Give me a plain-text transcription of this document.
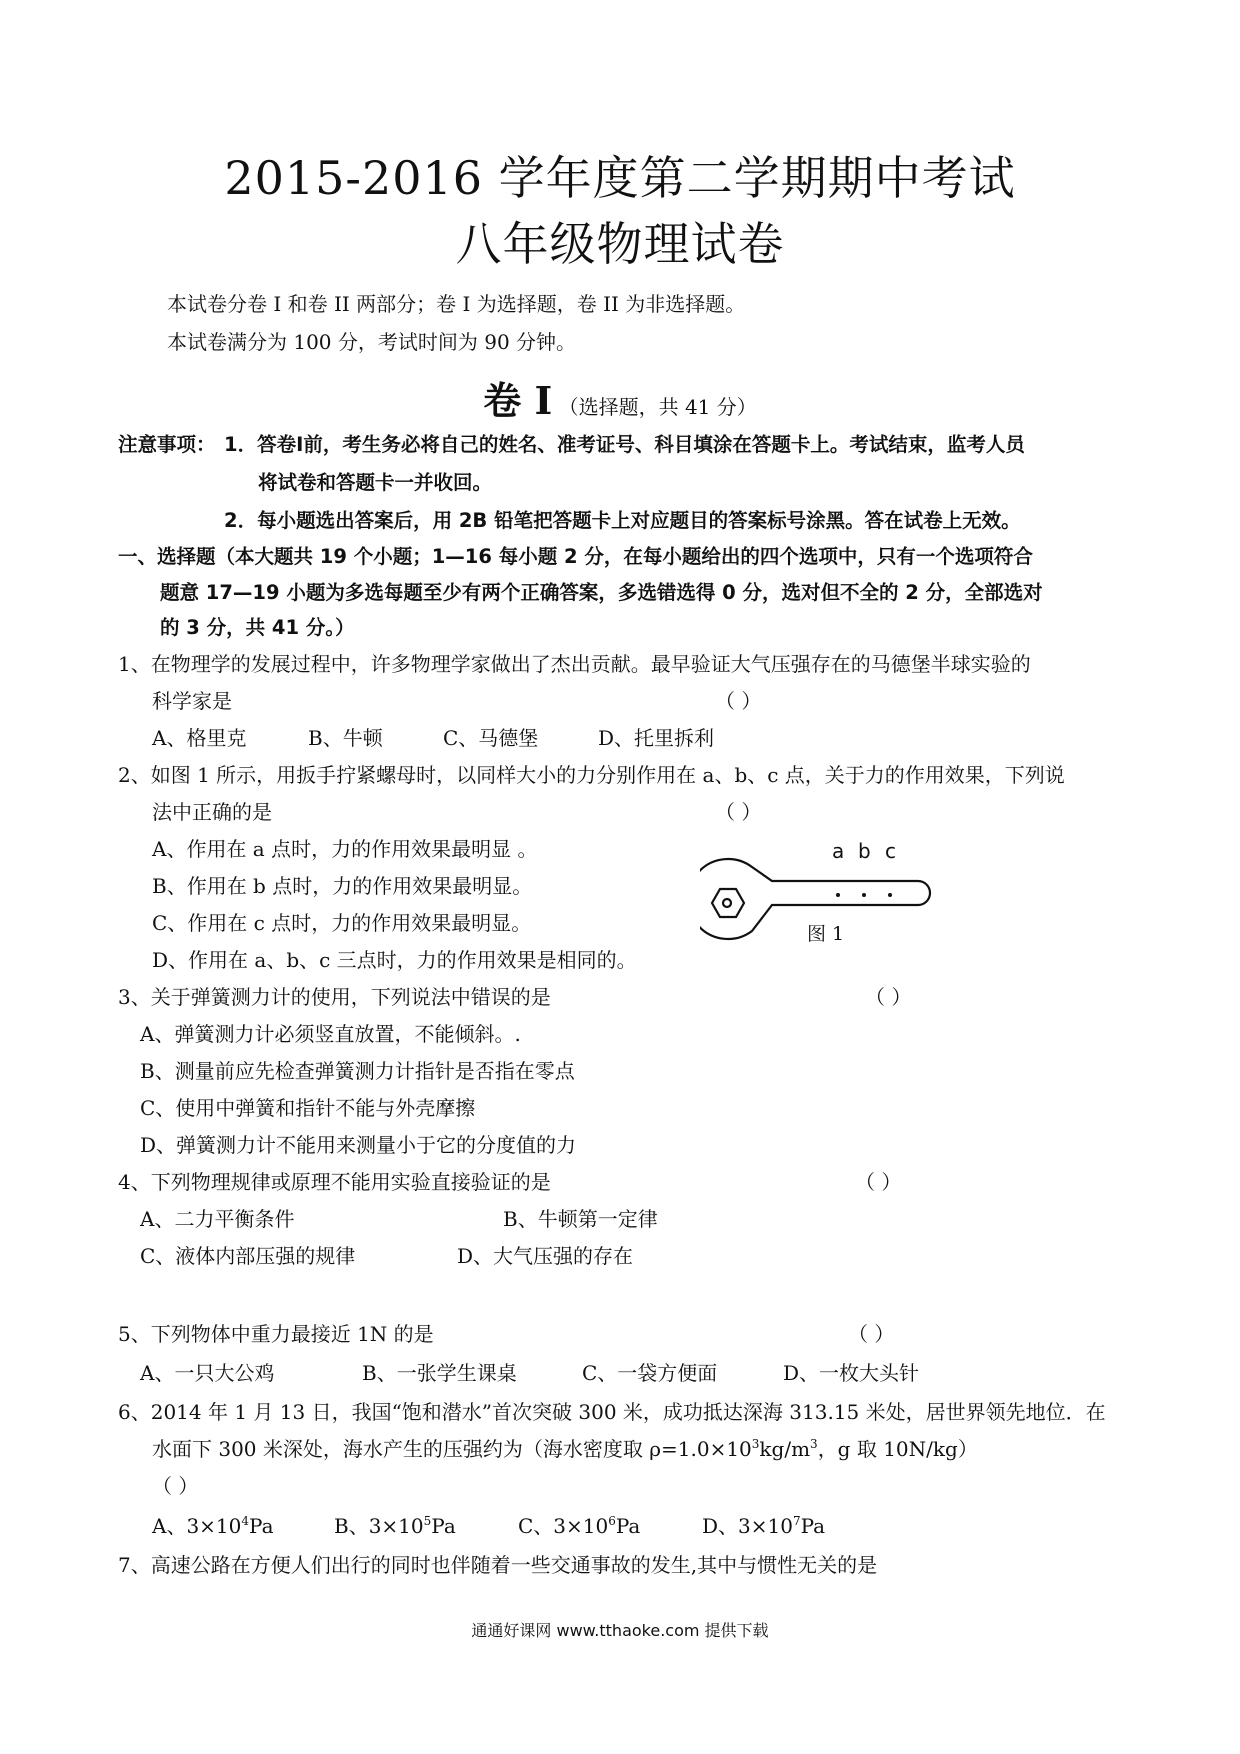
2015-2016 学年度第二学期期中考试
八年级物理试卷
本试卷分卷 I 和卷 II 两部分；卷 I 为选择题，卷 II 为非选择题。
本试卷满分为 100 分，考试时间为 90 分钟。
卷 I （选择题，共 41 分）
注意事项： 1．答卷Ⅰ前，考生务必将自己的姓名、准考证号、科目填涂在答题卡上。考试结束，监考人员
将试卷和答题卡一并收回。
2．每小题选出答案后，用 2B 铅笔把答题卡上对应题目的答案标号涂黑。答在试卷上无效。
一、选择题（本大题共 19 个小题；1—16 每小题 2 分，在每小题给出的四个选项中，只有一个选项符合
题意 17—19 小题为多选每题至少有两个正确答案，多选错选得 0 分，选对但不全的 2 分，全部选对
的 3 分，共 41 分。）
1、在物理学的发展过程中，许多物理学家做出了杰出贡献。最早验证大气压强存在的马德堡半球实验的
科学家是	（ ）
A、格里克	B、牛顿	C、马德堡	D、托里拆利
2、如图 1 所示，用扳手拧紧螺母时，以同样大小的力分别作用在 a、b、c 点，关于力的作用效果，下列说
法中正确的是	（ ）
A、作用在 a 点时，力的作用效果最明显 。
B、作用在 b 点时，力的作用效果最明显。
C、作用在 c 点时，力的作用效果最明显。
D、作用在 a、b、c 三点时，力的作用效果是相同的。
a b c
图 1
3、关于弹簧测力计的使用，下列说法中错误的是	（ ）
A、弹簧测力计必须竖直放置，不能倾斜。.
B、测量前应先检查弹簧测力计指针是否指在零点
C、使用中弹簧和指针不能与外壳摩擦
D、弹簧测力计不能用来测量小于它的分度值的力
4、下列物理规律或原理不能用实验直接验证的是	（ ）
A、二力平衡条件	B、牛顿第一定律
C、液体内部压强的规律	D、大气压强的存在
5、下列物体中重力最接近 1N 的是	（ ）
A、一只大公鸡	B、一张学生课桌	C、一袋方便面	D、一枚大头针
6、2014 年 1 月 13 日，我国“饱和潜水”首次突破 300 米，成功抵达深海 313.15 米处，居世界领先地位．在
水面下 300 米深处，海水产生的压强约为（海水密度取 $\rho=1.0\times 10^3kg/m^3$，g 取 10N/kg）
（ ）
A、$3\times 10^4Pa$	B、$3\times 10^5Pa$	C、$3\times 10^6Pa$	D、$3\times 10^7Pa$
7、高速公路在方便人们出行的同时也伴随着一些交通事故的发生,其中与惯性无关的是
通通好课网 www.tthaoke.com 提供下载
